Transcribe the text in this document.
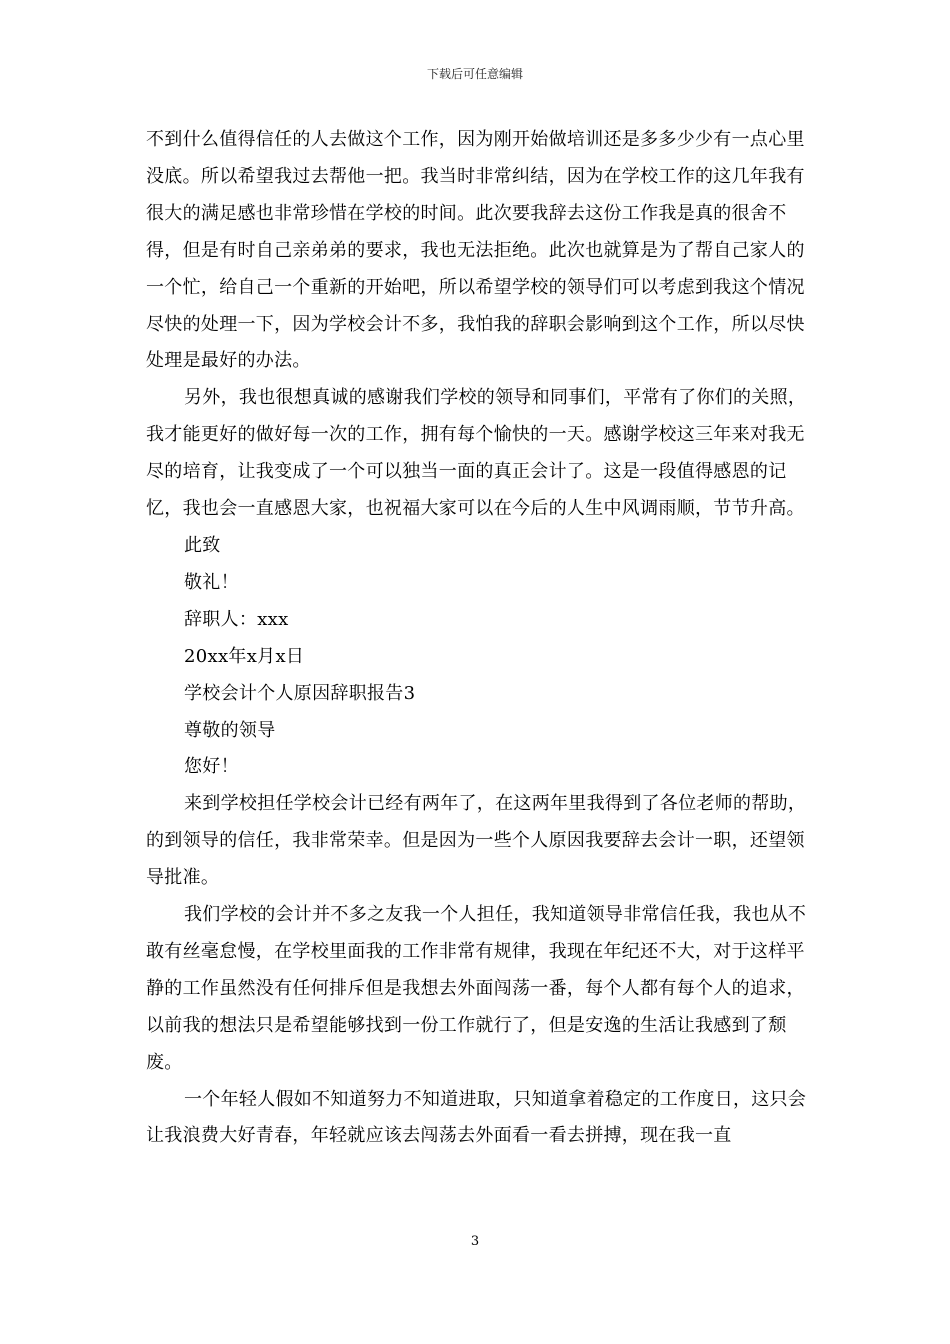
下载后可任意编辑

不到什么值得信任的人去做这个工作，因为刚开始做培训还是多多少少有一点心里没底。所以希望我过去帮他一把。我当时非常纠结，因为在学校工作的这几年我有很大的满足感也非常珍惜在学校的时间。此次要我辞去这份工作我是真的很舍不得，但是有时自己亲弟弟的要求，我也无法拒绝。此次也就算是为了帮自己家人的一个忙，给自己一个重新的开始吧，所以希望学校的领导们可以考虑到我这个情况尽快的处理一下，因为学校会计不多，我怕我的辞职会影响到这个工作，所以尽快处理是最好的办法。

另外，我也很想真诚的感谢我们学校的领导和同事们，平常有了你们的关照，我才能更好的做好每一次的工作，拥有每个愉快的一天。感谢学校这三年来对我无尽的培育，让我变成了一个可以独当一面的真正会计了。这是一段值得感恩的记忆，我也会一直感恩大家，也祝福大家可以在今后的人生中风调雨顺，节节升高。

此致

敬礼！

辞职人：xxx

20xx年x月x日

学校会计个人原因辞职报告3

尊敬的领导

您好！

来到学校担任学校会计已经有两年了，在这两年里我得到了各位老师的帮助，的到领导的信任，我非常荣幸。但是因为一些个人原因我要辞去会计一职，还望领导批准。

我们学校的会计并不多之友我一个人担任，我知道领导非常信任我，我也从不敢有丝毫怠慢，在学校里面我的工作非常有规律，我现在年纪还不大，对于这样平静的工作虽然没有任何排斥但是我想去外面闯荡一番，每个人都有每个人的追求，以前我的想法只是希望能够找到一份工作就行了，但是安逸的生活让我感到了颓废。

一个年轻人假如不知道努力不知道进取，只知道拿着稳定的工作度日，这只会让我浪费大好青春，年轻就应该去闯荡去外面看一看去拼搏，现在我一直

3
